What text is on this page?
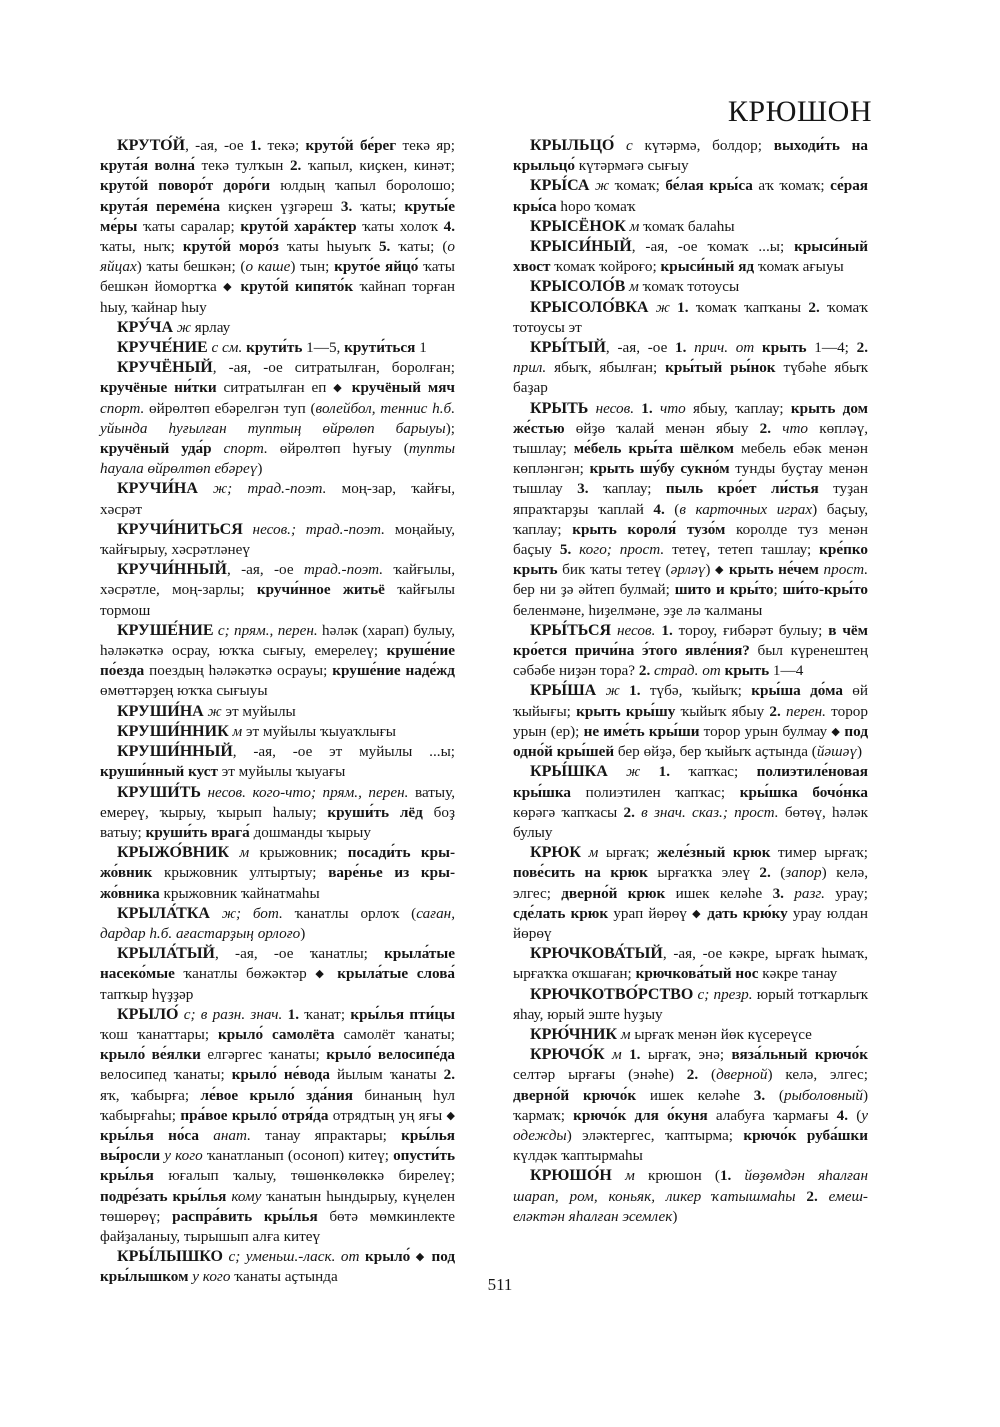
КРЮШОН

КРУТО́Й, -ая, -ое 1. текә; круто́й бе́рег текә яр; крута́я волна́ текә тулҡын 2. ҡапыл, киҫкен, кинәт; круто́й поворо́т доро́ги юлдың ҡапыл боролошо; крута́я переме́на киҫкен үҙгәреш 3. ҡаты; круты́е ме́ры ҡаты саралар; круто́й хара́ктер ҡаты холоҡ 4. ҡаты, ныҡ; круто́й моро́з ҡаты һыуыҡ 5. ҡаты; (о яйцах) ҡаты бешкән; (о каше) тын; круто́е яйцо́ ҡаты бешкән йомортҡа ◆ круто́й кипято́к ҡайнап торған һыу, ҡайнар һыу

КРУ́ЧА ж ярлау

КРУЧЕ́НИЕ с см. крути́ть 1—5, крути́ться 1

КРУЧЁНЫЙ, -ая, -ое ситратылған, боролған; кручёные ни́тки ситратылған еп ◆ кручёный мяч спорт. өйрөлтөп ебәрелгән туп (волейбол, теннис һ.б. уйында һуғылған туптың өйрөлөп барыуы); кручёный уда́р спорт. өйрөлтөп һуғыу (тупты һауала өйрөлтөп ебәреү)

КРУЧИ́НА ж; трад.-поэт. моң-зар, ҡайғы, хәсрәт

КРУЧИ́НИТЬСЯ несов.; трад.-поэт. моңайыу, ҡайғырыу, хәсрәтләнеү

КРУЧИ́ННЫЙ, -ая, -ое трад.-поэт. ҡайғылы, хәсрәтле, моң-зарлы; кручи́нное житьё ҡайғылы тормош

КРУШЕ́НИЕ с; прям., перен. һәләк (харап) булыу, һәләкәткә осрау, юҡҡа сығыу, емерелеү; круше́ние по́езда поездың һәләкәткә осрауы; круше́ние наде́жд өмөттәрҙең юҡҡа сығыуы

КРУШИ́НА ж эт муйылы

КРУШИ́ННИК м эт муйылы ҡыуаҡлығы

КРУШИ́ННЫЙ, -ая, -ое эт муйылы ...ы; круши́нный куст эт муйылы ҡыуағы

КРУШИ́ТЬ несов. кого-что; прям., перен. ватыу, емереү, ҡырыу, ҡырып һалыу; круши́ть лёд боҙ ватыу; круши́ть врага́ дошманды ҡырыу

КРЫЖО́ВНИК м крыжовник; посади́ть крыжо́вник крыжовник ултыртыу; варе́нье из крыжо́вника крыжовник ҡайнатмаһы

КРЫЛА́ТКА ж; бот. ҡанатлы орлоҡ (саған, дардар һ.б. ағастарҙың орлоғо)

КРЫЛА́ТЫЙ, -ая, -ое ҡанатлы; крыла́тые насеко́мые ҡанатлы бөжәктәр ◆ крыла́тые слова́ тапҡыр һүҙҙәр

КРЫЛО́ с; в разн. знач. 1. ҡанат; кры́лья пти́цы ҡош ҡанаттары; крыло́ самолёта самолёт ҡанаты; крыло́ ве́ялки елгәргес ҡанаты; крыло́ велосипе́да велосипед ҡанаты; крыло́ не́вода йылым ҡанаты 2. яҡ, ҡабырға; ле́вое крыло́ зда́ния бинаның һул ҡабырғаһы; пра́вое крыло́ отря́да отрядтың уң яғы ◆ кры́лья но́са анат. танау япрактары; кры́лья вы́росли у кого ҡанатланып (осоноп) китеү; опусти́ть кры́лья юғалып ҡалыу, төшөнкөлөккә бирелеү; подре́зать кры́лья кому ҡанатын һындырыу, күңелен төшөрөү; распра́вить кры́лья бөтә мөмкинлекте файҙаланыу, тырышып алға китеү

КРЫ́ЛЫШКО с; уменьш.-ласк. от крыло́ ◆ под кры́лышком у кого ҡанаты аҫтында

КРЫЛЬЦО́ с күтәрмә, болдор; выходи́ть на крыльцо́ күтәрмәгә сығыу

КРЫ́СА ж ҡомаҡ; бе́лая кры́са аҡ ҡомаҡ; се́рая кры́са һоро ҡомаҡ

КРЫСЁНОК м ҡомаҡ балаһы

КРЫСИ́НЫЙ, -ая, -ое ҡомаҡ ...ы; крыси́ный хвост ҡомаҡ ҡойроғо; крыси́ный яд ҡомаҡ ағыуы

КРЫСОЛО́В м ҡомаҡ тотоусы

КРЫСОЛО́ВКА ж 1. ҡомаҡ ҡапҡаны 2. ҡомаҡ тотоусы эт

КРЫ́ТЫЙ, -ая, -ое 1. прич. от крыть 1—4; 2. прил. ябыҡ, ябылған; кры́тый ры́нок түбәһе ябыҡ баҙар

КРЫТЬ несов. 1. что ябыу, ҡаплау; крыть дом же́стью өйҙө ҡалай менән ябыу 2. что көпләү, тышлау; ме́бель кры́та шёлком мебель ебәк менән көпләнгән; крыть шу́бу сукно́м тунды буҫтау менән тышлау 3. ҡаплау; пыль кро́ет ли́стья туҙан япраҡтарҙы ҡаплай 4. (в карточных играх) баҫыу, ҡаплау; крыть короля́ тузо́м королде туз менән баҫыу 5. кого; прост. тетеү, тетеп ташлау; кре́пко крыть бик ҡаты тетеү (әрләү) ◆ крыть не́чем прост. бер ни ҙә әйтеп булмай; шито и кры́то; ши́то-кры́то беленмәне, һиҙелмәне, эҙе лә ҡалманы

КРЫ́ТЬСЯ несов. 1. тороу, ғибәрәт булыу; в чём кро́ется причи́на э́того явле́ния? был күренештең сәбәбе ниҙән тора? 2. страд. от крыть 1—4

КРЫ́ША ж 1. түбә, ҡыйыҡ; кры́ша до́ма өй ҡыйығы; крыть кры́шу ҡыйыҡ ябыу 2. перен. торор урын (ер); не име́ть кры́ши торор урын булмау ◆ под одно́й кры́шей бер өйҙә, бер ҡыйыҡ аҫтында (йәшәү)

КРЫ́ШКА ж 1. ҡапҡас; полиэтиле́новая кры́шка полиэтилен ҡапҡас; кры́шка бочо́нка көрәгә ҡапҡасы 2. в знач. сказ.; прост. бөтөү, һәләк булыу

КРЮК м ырғаҡ; желе́зный крюк тимер ырғаҡ; пове́сить на крюк ырғаҡҡа элеү 2. (запор) келә, элгес; дверно́й крюк ишек келәһе 3. разг. урау; сде́лать крюк урап йөрөү ◆ дать крю́ку урау юлдан йөрөү

КРЮЧКОВА́ТЫЙ, -ая, -ое кәкре, ырғаҡ һымаҡ, ырғаҡҡа оҡшаған; крючкова́тый нос кәкре танау

КРЮЧКОТВО́РСТВО с; презр. юрый тотҡарлыҡ яһау, юрый эште һуҙыу

КРЮ́ЧНИК м ырғаҡ менән йөк күсереүсе

КРЮЧО́К м 1. ырғаҡ, энә; вяза́льный крючо́к селтәр ырғағы (энәһе) 2. (дверной) келә, элгес; дверно́й крючо́к ишек келәһе 3. (рыболовный) ҡармаҡ; крючо́к для о́куня алабуға ҡармағы 4. (у одежды) эләктергес, ҡаптырма; крючо́к руба́шки күлдәк ҡаптырмаһы

КРЮШО́Н м крюшон (1. йөҙөмдән яһалған шарап, ром, коньяк, ликер ҡатышмаһы 2. емеш-еләктән яһалған эсемлек)

511
